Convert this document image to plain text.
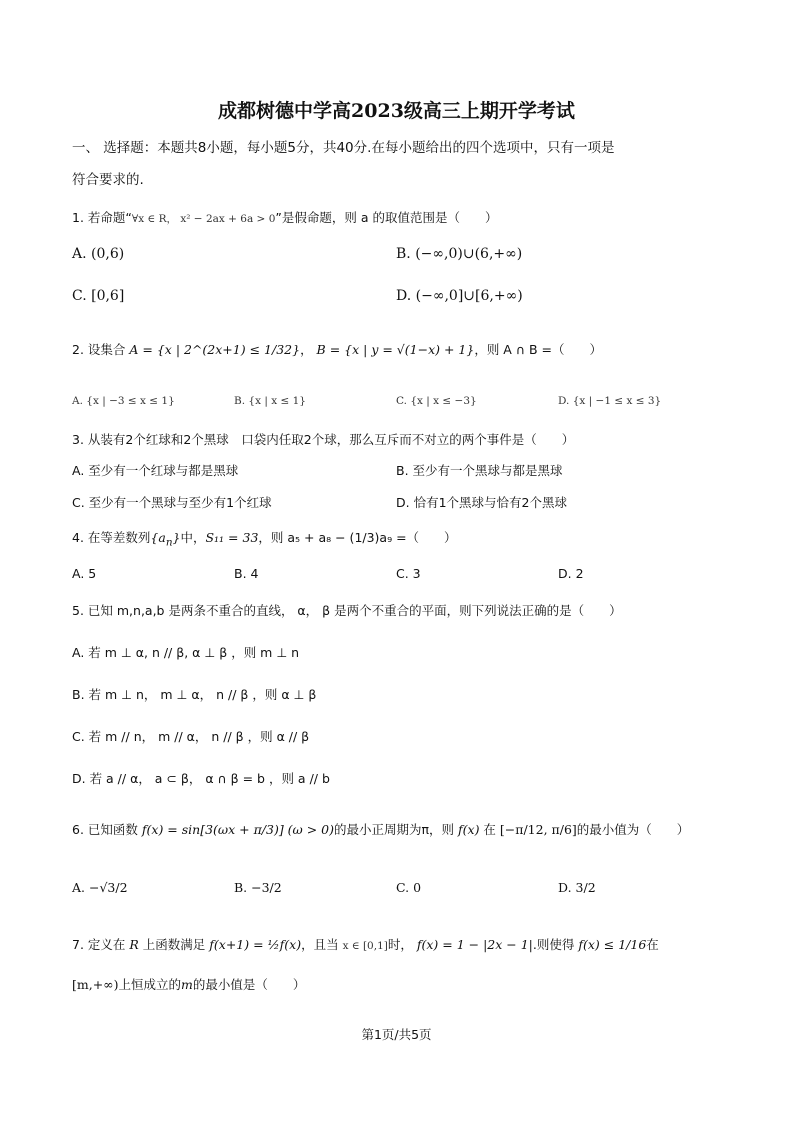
成都树德中学高2023级高三上期开学考试
一、 选择题：本题共8小题，每小题5分，共40分.在每小题给出的四个选项中，只有一项是
符合要求的.
1. 若命题“∀x ∈ R， x² − 2ax + 6a > 0”是假命题，则 a 的取值范围是（　　）
A. (0,6)	B. (−∞,0)∪(6,+∞)
C. [0,6]	D. (−∞,0]∪[6,+∞)
2. 设集合 A = {x | 2^(2x+1) ≤ 1/32}， B = {x | y = √(1−x) + 1}，则 A ∩ B =（　　）
A. {x | −3 ≤ x ≤ 1}	B. {x | x ≤ 1}	C. {x | x ≤ −3}	D. {x | −1 ≤ x ≤ 3}
3. 从装有2个红球和2个黑球　口袋内任取2个球，那么互斥而不对立的两个事件是（　　）
A. 至少有一个红球与都是黑球	B. 至少有一个黑球与都是黑球
C. 至少有一个黑球与至少有1个红球	D. 恰有1个黑球与恰有2个黑球
4. 在等差数列$\{a_n\}$中，S₁₁ = 33，则 a₅ + a₈ − (1/3)a₉ =（　　）
A. 5	B. 4	C. 3	D. 2
5. 已知 m,n,a,b 是两条不重合的直线， α， β 是两个不重合的平面，则下列说法正确的是（　　）
A. 若 m ⊥ α, n // β, α ⊥ β ，则 m ⊥ n
B. 若 m ⊥ n， m ⊥ α， n // β ，则 α ⊥ β
C. 若 m // n， m // α， n // β ，则 α // β
D. 若 a // α， a ⊂ β， α ∩ β = b ，则 a // b
6. 已知函数 f(x) = sin[3(ωx + π/3)] (ω > 0)的最小正周期为π，则 f(x) 在 [−π/12, π/6]的最小值为（　　）
A. −√3/2	B. −3/2	C. 0	D. 3/2
7. 定义在 R 上函数满足 f(x+1) = ½f(x)，且当 x ∈ [0,1]时， f(x) = 1 − |2x − 1|.则使得 f(x) ≤ 1/16在
[m,+∞)上恒成立的m的最小值是（　　）
第1页/共5页
